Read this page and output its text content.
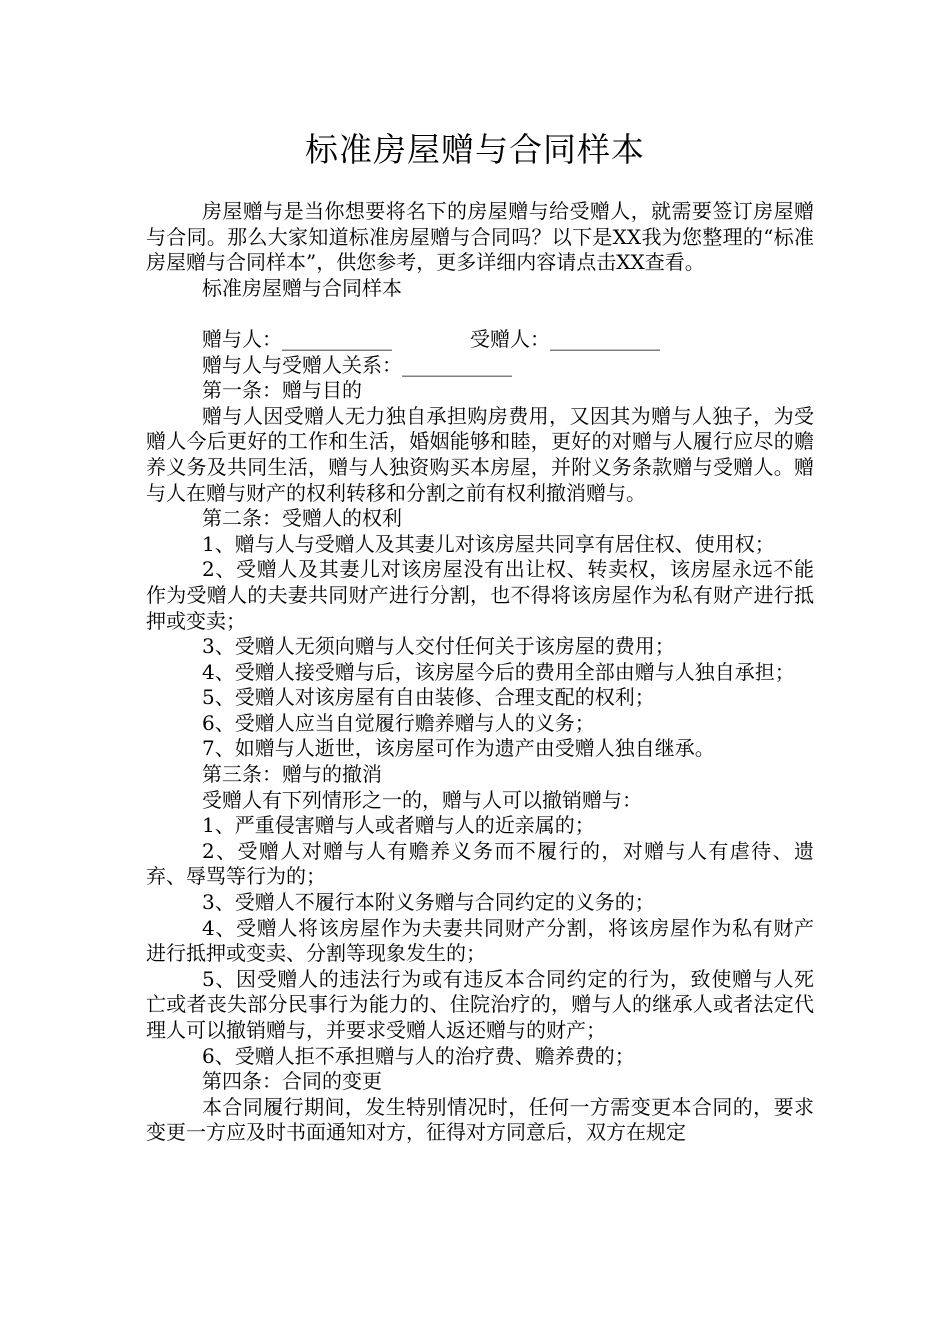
标准房屋赠与合同样本

房屋赠与是当你想要将名下的房屋赠与给受赠人，就需要签订房屋赠与合同。那么大家知道标准房屋赠与合同吗？以下是XX我为您整理的“标准房屋赠与合同样本”，供您参考，更多详细内容请点击XX查看。

标准房屋赠与合同样本

赠与人：___________	受赠人：___________
赠与人与受赠人关系：___________

第一条：赠与目的

赠与人因受赠人无力独自承担购房费用，又因其为赠与人独子，为受赠人今后更好的工作和生活，婚姻能够和睦，更好的对赠与人履行应尽的赡养义务及共同生活，赠与人独资购买本房屋，并附义务条款赠与受赠人。赠与人在赠与财产的权利转移和分割之前有权利撤消赠与。

第二条：受赠人的权利

1、赠与人与受赠人及其妻儿对该房屋共同享有居住权、使用权；

2、受赠人及其妻儿对该房屋没有出让权、转卖权，该房屋永远不能作为受赠人的夫妻共同财产进行分割，也不得将该房屋作为私有财产进行抵押或变卖；

3、受赠人无须向赠与人交付任何关于该房屋的费用；

4、受赠人接受赠与后，该房屋今后的费用全部由赠与人独自承担；

5、受赠人对该房屋有自由装修、合理支配的权利；

6、受赠人应当自觉履行赡养赠与人的义务；

7、如赠与人逝世，该房屋可作为遗产由受赠人独自继承。

第三条：赠与的撤消

受赠人有下列情形之一的，赠与人可以撤销赠与：

1、严重侵害赠与人或者赠与人的近亲属的；

2、受赠人对赠与人有赡养义务而不履行的，对赠与人有虐待、遗弃、辱骂等行为的；

3、受赠人不履行本附义务赠与合同约定的义务的；

4、受赠人将该房屋作为夫妻共同财产分割，将该房屋作为私有财产进行抵押或变卖、分割等现象发生的；

5、因受赠人的违法行为或有违反本合同约定的行为，致使赠与人死亡或者丧失部分民事行为能力的、住院治疗的，赠与人的继承人或者法定代理人可以撤销赠与，并要求受赠人返还赠与的财产；

6、受赠人拒不承担赠与人的治疗费、赡养费的；

第四条：合同的变更

本合同履行期间，发生特别情况时，任何一方需变更本合同的，要求变更一方应及时书面通知对方，征得对方同意后，双方在规定
